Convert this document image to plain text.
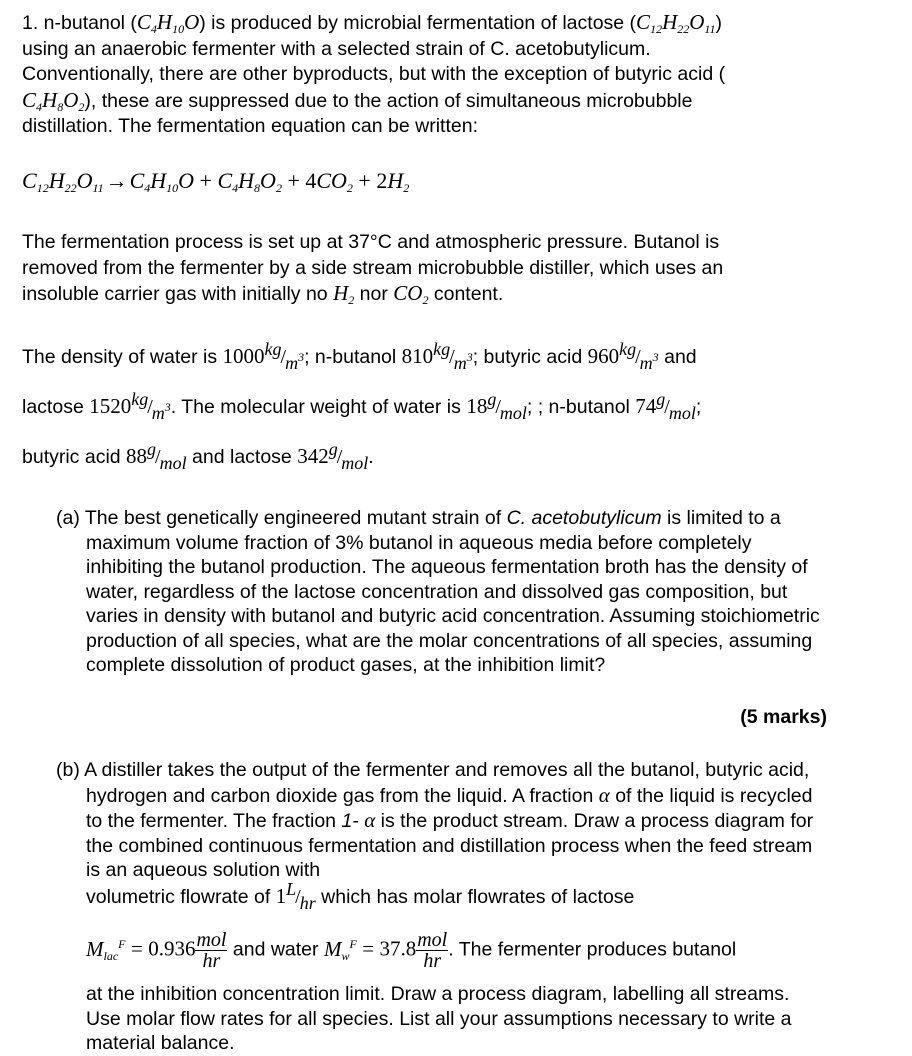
1. n-butanol $(C_4H_{10}O)$ is produced by microbial fermentation of lactose $(C_{12}H_{22}O_{11})$

using an anaerobic fermenter with a selected strain of C. acetobutylicum.

Conventionally, there are other byproducts, but with the exception of butyric acid (

$C_4H_8O_2$), these are suppressed due to the action of simultaneous microbubble

distillation. The fermentation equation can be written:

$C_{12}H_{22}O_{11}\to C_4H_{10}O + C_4H_8O_2 + 4CO_2 + 2H_2$

The fermentation process is set up at 37°C and atmospheric pressure. Butanol is

removed from the fermenter by a side stream microbubble distiller, which uses an

insoluble carrier gas with initially no $H_2$ nor $CO_2$ content.

The density of water is $1000kg/m^3$; n-butanol $810kg/m^3$; butyric acid $960kg/m^3$ and
lactose $1520kg/m^3$. The molecular weight of water is 18g/mol; ; n-butanol 74g/mol;
butyric acid 88g/mol and lactose 342g/mol.

(a) The best genetically engineered mutant strain of C. acetobutylicum is limited to a maximum volume fraction of 3% butanol in aqueous media before completely inhibiting the butanol production. The aqueous fermentation broth has the density of water, regardless of the lactose concentration and dissolved gas composition, but varies in density with butanol and butyric acid concentration. Assuming stoichiometric production of all species, what are the molar concentrations of all species, assuming complete dissolution of product gases, at the inhibition limit?

(5 marks)

(b) A distiller takes the output of the fermenter and removes all the butanol, butyric acid, hydrogen and carbon dioxide gas from the liquid. A fraction α of the liquid is recycled to the fermenter. The fraction 1- α is the product stream. Draw a process diagram for the combined continuous fermentation and distillation process when the feed stream is an aqueous solution with

volumetric flowrate of 1L/hr which has molar flowrates of lactose
$M_{lac}^F = 0.936 \frac{\text{mol}}{hr}$ and water $M_w^F = 37.8 \frac{\text{mol}}{hr}$ . The fermenter produces butanol

at the inhibition concentration limit. Draw a process diagram, labelling all streams. Use molar flow rates for all species. List all your assumptions necessary to write a material balance.
